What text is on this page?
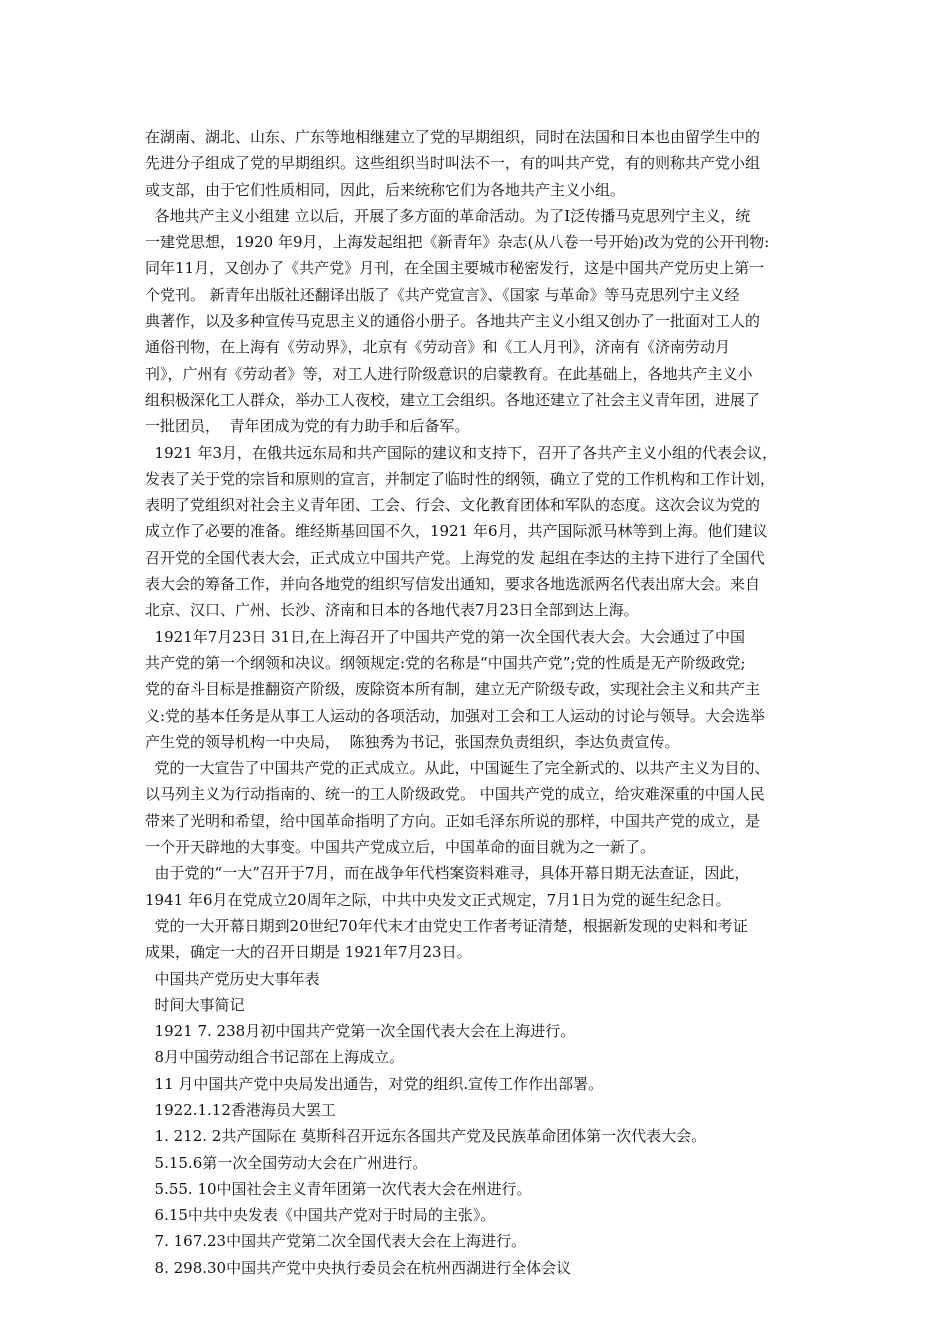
在湖南、湖北、山东、广东等地相继建立了党的早期组织，同时在法国和日本也由留学生中的
先进分子组成了党的早期组织。这些组织当时叫法不一，有的叫共产党，有的则称共产党小组
或支部，由于它们性质相同，因此，后来统称它们为各地共产主义小组。
各地共产主义小组建 立以后，开展了多方面的革命活动。为了Ⅰ泛传播马克思列宁主义，统
一建党思想，1920 年9月，上海发起组把《新青年》杂志(从八卷一号开始)改为党的公开刊物:
同年11月，又创办了《共产党》月刊，在全国主要城市秘密发行，这是中国共产党历史上第一
个党刊。 新青年出版社还翻译出版了《共产党宣言》、《国家 与革命》等马克思列宁主义经
典著作，以及多种宣传马克思主义的通俗小册子。各地共产主义小组又创办了一批面对工人的
通俗刊物，在上海有《劳动界》，北京有《劳动音》和《工人月刊》，济南有《济南劳动月
刊》，广州有《劳动者》等，对工人进行阶级意识的启蒙教育。在此基础上，各地共产主义小
组积极深化工人群众，举办工人夜校，建立工会组织。各地还建立了社会主义青年团，进展了
一批团员，  青年团成为党的有力助手和后备军。
1921 年3月，在俄共远东局和共产国际的建议和支持下，召开了各共产主义小组的代表会议，
发表了关于党的宗旨和原则的宣言，并制定了临时性的纲领，确立了党的工作机构和工作计划，
表明了党组织对社会主义青年团、工会、行会、文化教育团体和军队的态度。这次会议为党的
成立作了必要的准备。维经斯基回国不久，1921 年6月，共产国际派马林等到上海。他们建议
召开党的全国代表大会，正式成立中国共产党。上海党的发 起组在李达的主持下进行了全国代
表大会的筹备工作，并向各地党的组织写信发出通知，要求各地选派两名代表出席大会。来自
北京、汉口、广州、长沙、济南和日本的各地代表7月23日全部到达上海。
1921年7月23日 31日,在上海召开了中国共产党的第一次全国代表大会。大会通过了中国
共产党的第一个纲领和决议。纲领规定:党的名称是“中国共产党”;党的性质是无产阶级政党;
党的奋斗目标是推翻资产阶级，废除资本所有制，建立无产阶级专政，实现社会主义和共产主
义:党的基本任务是从事工人运动的各项活动，加强对工会和工人运动的讨论与领导。大会选举
产生党的领导机构一中央局，  陈独秀为书记，张国焘负责组织，李达负责宣传。
党的一大宣告了中国共产党的正式成立。从此，中国诞生了完全新式的、以共产主义为目的、
以马列主义为行动指南的、统一的工人阶级政党。 中国共产党的成立，给灾难深重的中国人民
带来了光明和希望，给中国革命指明了方向。正如毛泽东所说的那样，中国共产党的成立，是
一个开天辟地的大事变。中国共产党成立后，中国革命的面目就为之一新了。
由于党的“一大”召开于7月，而在战争年代档案资料难寻，具体开幕日期无法查证，因此，
1941 年6月在党成立20周年之际，中共中央发文正式规定，7月1日为党的诞生纪念日。
党的一大开幕日期到20世纪70年代末才由党史工作者考证清楚，根据新发现的史料和考证
成果，确定一大的召开日期是 1921年7月23日。
中国共产党历史大事年表
时间大事简记
1921 7. 238月初中国共产党第一次全国代表大会在上海进行。
8月中国劳动组合书记部在上海成立。
11 月中国共产党中央局发出通告，对党的组织.宣传工作作出部署。
1922.1.12香港海员大罢工
1. 212. 2共产国际在 莫斯科召开远东各国共产党及民族革命团体第一次代表大会。
5.15.6第一次全国劳动大会在广州进行。
5.55. 10中国社会主义青年团第一次代表大会在州进行。
6.15中共中央发表《中国共产党对于时局的主张》。
7. 167.23中国共产党第二次全国代表大会在上海进行。
8. 298.30中国共产党中央执行委员会在杭州西湖进行全体会议
